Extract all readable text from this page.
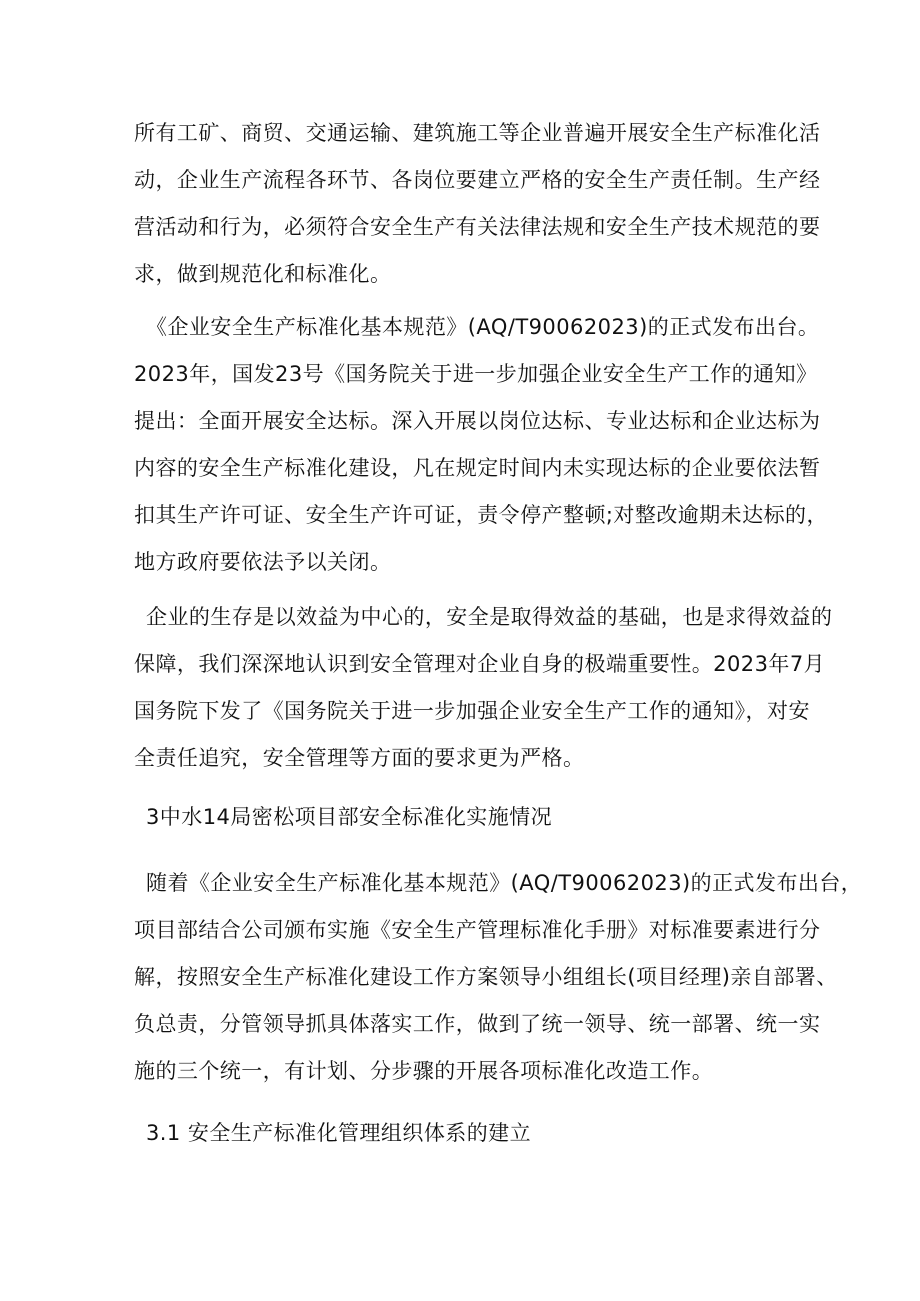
所有工矿、商贸、交通运输、建筑施工等企业普遍开展安全生产标准化活
动，企业生产流程各环节、各岗位要建立严格的安全生产责任制。生产经
营活动和行为，必须符合安全生产有关法律法规和安全生产技术规范的要
求，做到规范化和标准化。
《企业安全生产标准化基本规范》(AQ/T90062023)的正式发布出台。
2023年，国发23号《国务院关于进一步加强企业安全生产工作的通知》
提出：全面开展安全达标。深入开展以岗位达标、专业达标和企业达标为
内容的安全生产标准化建设，凡在规定时间内未实现达标的企业要依法暂
扣其生产许可证、安全生产许可证，责令停产整顿;对整改逾期未达标的，
地方政府要依法予以关闭。
企业的生存是以效益为中心的，安全是取得效益的基础，也是求得效益的
保障，我们深深地认识到安全管理对企业自身的极端重要性。2023年7月
国务院下发了《国务院关于进一步加强企业安全生产工作的通知》，对安
全责任追究，安全管理等方面的要求更为严格。
3中水14局密松项目部安全标准化实施情况
随着《企业安全生产标准化基本规范》(AQ/T90062023)的正式发布出台，
项目部结合公司颁布实施《安全生产管理标准化手册》对标准要素进行分
解，按照安全生产标准化建设工作方案领导小组组长(项目经理)亲自部署、
负总责，分管领导抓具体落实工作，做到了统一领导、统一部署、统一实
施的三个统一，有计划、分步骤的开展各项标准化改造工作。
3.1 安全生产标准化管理组织体系的建立
